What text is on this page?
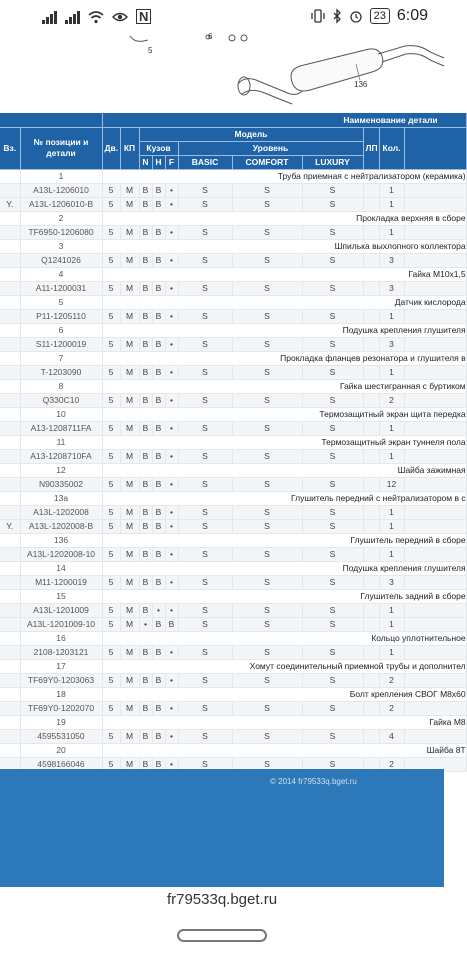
N	23 6:09
5
6
136
		Наименование детали										
Вз.	№ позиции и детали	Дв.	КП	Модель						ЛП	Кол.	
				Кузов			Уровень					
				N	H	F	BASIC	COMFORT	LUXURY			
	1	Труба приемная с нейтрализатором (керамика)										
	A13L-1206010	5	M	B	B	•	S	S	S		1	
Y.	A13L-1206010-B	5	M	B	B	•	S	S	S		1	
	2	Прокладка верхняя в сборе										
	TF6950-1206080	5	M	B	B	•	S	S	S		1	
	3	Шпилька выхлопного коллектора										
	Q1241026	5	M	B	B	•	S	S	S		3	
	4	Гайка M10x1,5										
	A11-1200031	5	M	B	B	•	S	S	S		3	
	5	Датчик кислорода										
	P11-1205110	5	M	B	B	•	S	S	S		1	
	6	Подушка крепления глушителя										
	S11-1200019	5	M	B	B	•	S	S	S		3	
	7	Прокладка фланцев резонатора и глушителя в										
	T-1203090	5	M	B	B	•	S	S	S		1	
	8	Гайка шестигранная с буртиком										
	Q330C10	5	M	B	B	•	S	S	S		2	
	10	Термозащитный экран щита передка										
	A13-1208711FA	5	M	B	B	•	S	S	S		1	
	11	Термозащитный экран туннеля пола										
	A13-1208710FA	5	M	B	B	•	S	S	S		1	
	12	Шайба зажимная										
	N90335002	5	M	B	B	•	S	S	S		12	
	13a	Глушитель передний с нейтрализатором в с										
	A13L-1202008	5	M	B	B	•	S	S	S		1	
Y.	A13L-1202008-B	5	M	B	B	•	S	S	S		1	
	136	Глушитель передний в сборе										
	A13L-1202008-10	5	M	B	B	•	S	S	S		1	
	14	Подушка крепления глушителя										
	M11-1200019	5	M	B	B	•	S	S	S		3	
	15	Глушитель задний в сборе										
	A13L-1201009	5	M	B	•	•	S	S	S		1	
	A13L-1201009-10	5	M	•	B	B	S	S	S		1	
	16	Кольцо уплотнительное										
	2108-1203121	5	M	B	B	•	S	S	S		1	
	17	Хомут соединительный приемной трубы и дополнител										
	TF69Y0-1203063	5	M	B	B	•	S	S	S		2	
	18	Болт крепления СВОГ M8x60										
	TF69Y0-1202070	5	M	B	B	•	S	S	S		2	
	19	Гайка M8										
	4595531050	5	M	B	B	•	S	S	S		4	
	20	Шайба 8Т										
	4598166046	5	M	B	B	•	S	S	S		2	
© 2014 fr79533q.bget.ru
fr79533q.bget.ru
